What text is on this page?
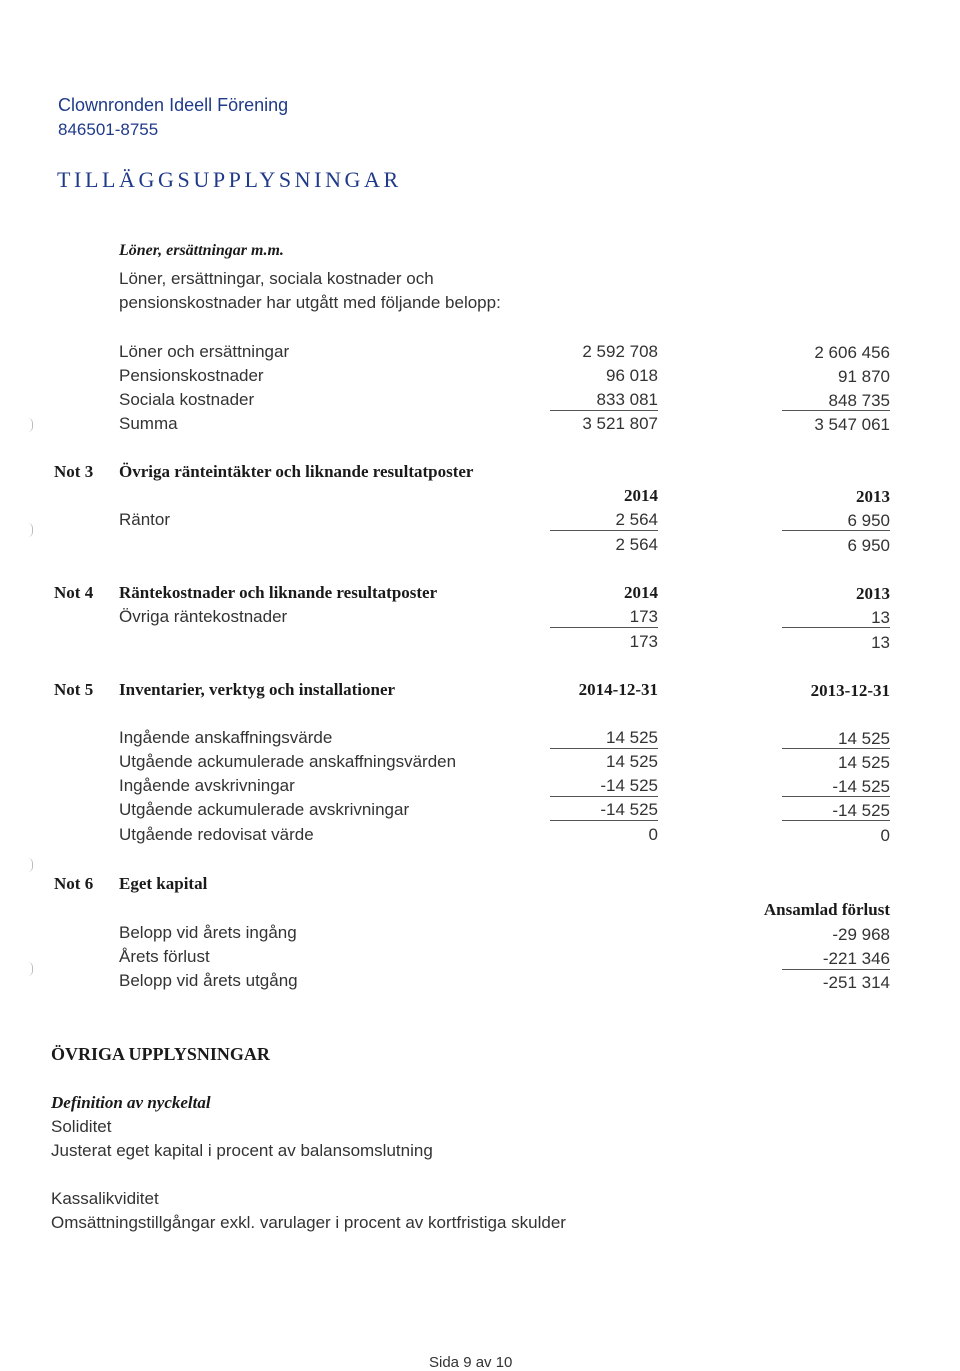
Clownronden Ideell Förening
846501-8755
TILLÄGGSUPPLYSNINGAR
Löner, ersättningar m.m.
Löner, ersättningar, sociala kostnader och
pensionskostnader har utgått med följande belopp:
Löner och ersättningar	2 592 708	2 606 456
Pensionskostnader	96 018	91 870
Sociala kostnader	833 081	848 735
Summa	3 521 807	3 547 061
Not 3 Övriga ränteintäkter och liknande resultatposter
2014	2013
Räntor	2 564	6 950
2 564	6 950
Not 4 Räntekostnader och liknande resultatposter	2014	2013
Övriga räntekostnader	173	13
173	13
Not 5 Inventarier, verktyg och installationer	2014-12-31	2013-12-31
Ingående anskaffningsvärde	14 525	14 525
Utgående ackumulerade anskaffningsvärden	14 525	14 525
Ingående avskrivningar	-14 525	-14 525
Utgående ackumulerade avskrivningar	-14 525	-14 525
Utgående redovisat värde	0	0
Not 6 Eget kapital
Ansamlad förlust
Belopp vid årets ingång	-29 968
Årets förlust	-221 346
Belopp vid årets utgång	-251 314
ÖVRIGA UPPLYSNINGAR
Definition av nyckeltal
Soliditet
Justerat eget kapital i procent av balansomslutning
Kassalikviditet
Omsättningstillgångar exkl. varulager i procent av kortfristiga skulder
Sida 9 av 10
